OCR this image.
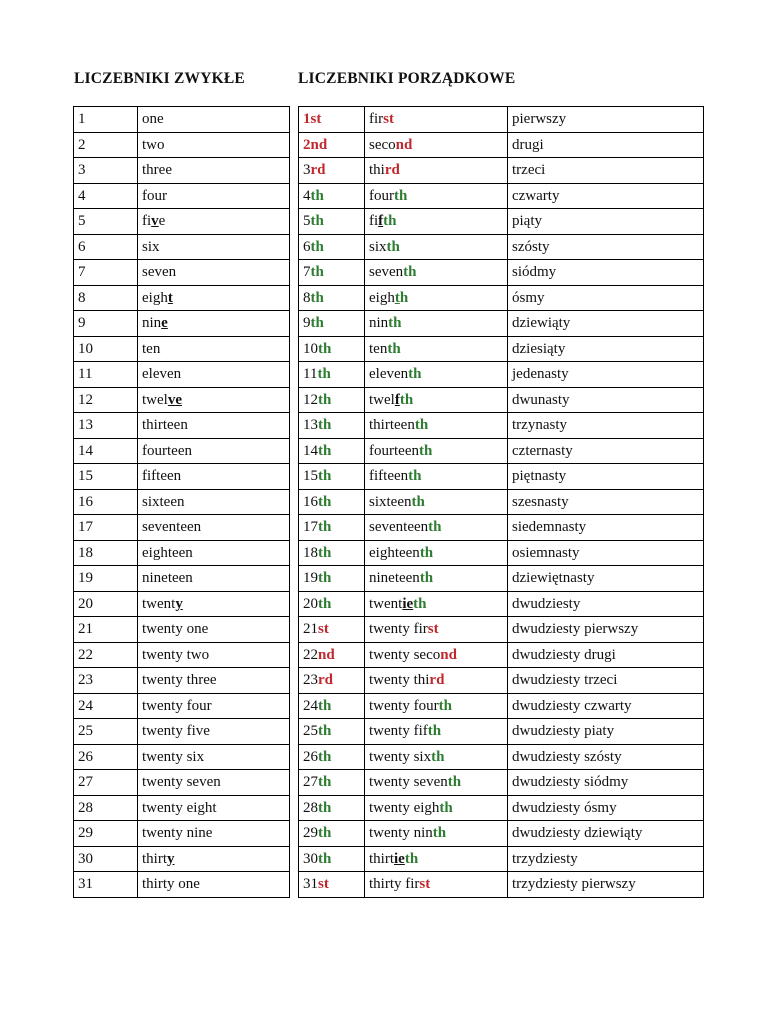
LICZEBNIKI ZWYKŁE	LICZEBNIKI PORZĄDKOWE
1	one
2	two
3	three
4	four
5	five
6	six
7	seven
8	eight
9	nine
10	ten
11	eleven
12	twelve
13	thirteen
14	fourteen
15	fifteen
16	sixteen
17	seventeen
18	eighteen
19	nineteen
20	twenty
21	twenty one
22	twenty two
23	twenty three
24	twenty four
25	twenty five
26	twenty six
27	twenty seven
28	twenty eight
29	twenty nine
30	thirty
31	thirty one
1st	first	pierwszy
2nd	second	drugi
3rd	third	trzeci
4th	fourth	czwarty
5th	fifth	piąty
6th	sixth	szósty
7th	seventh	siódmy
8th	eighth	ósmy
9th	ninth	dziewiąty
10th	tenth	dziesiąty
11th	eleventh	jedenasty
12th	twelfth	dwunasty
13th	thirteenth	trzynasty
14th	fourteenth	czternasty
15th	fifteenth	piętnasty
16th	sixteenth	szesnasty
17th	seventeenth	siedemnasty
18th	eighteenth	osiemnasty
19th	nineteenth	dziewiętnasty
20th	twentieth	dwudziesty
21st	twenty first	dwudziesty pierwszy
22nd	twenty second	dwudziesty drugi
23rd	twenty third	dwudziesty trzeci
24th	twenty fourth	dwudziesty czwarty
25th	twenty fifth	dwudziesty piaty
26th	twenty sixth	dwudziesty szósty
27th	twenty seventh	dwudziesty siódmy
28th	twenty eighth	dwudziesty ósmy
29th	twenty ninth	dwudziesty dziewiąty
30th	thirtieth	trzydziesty
31st	thirty first	trzydziesty pierwszy
